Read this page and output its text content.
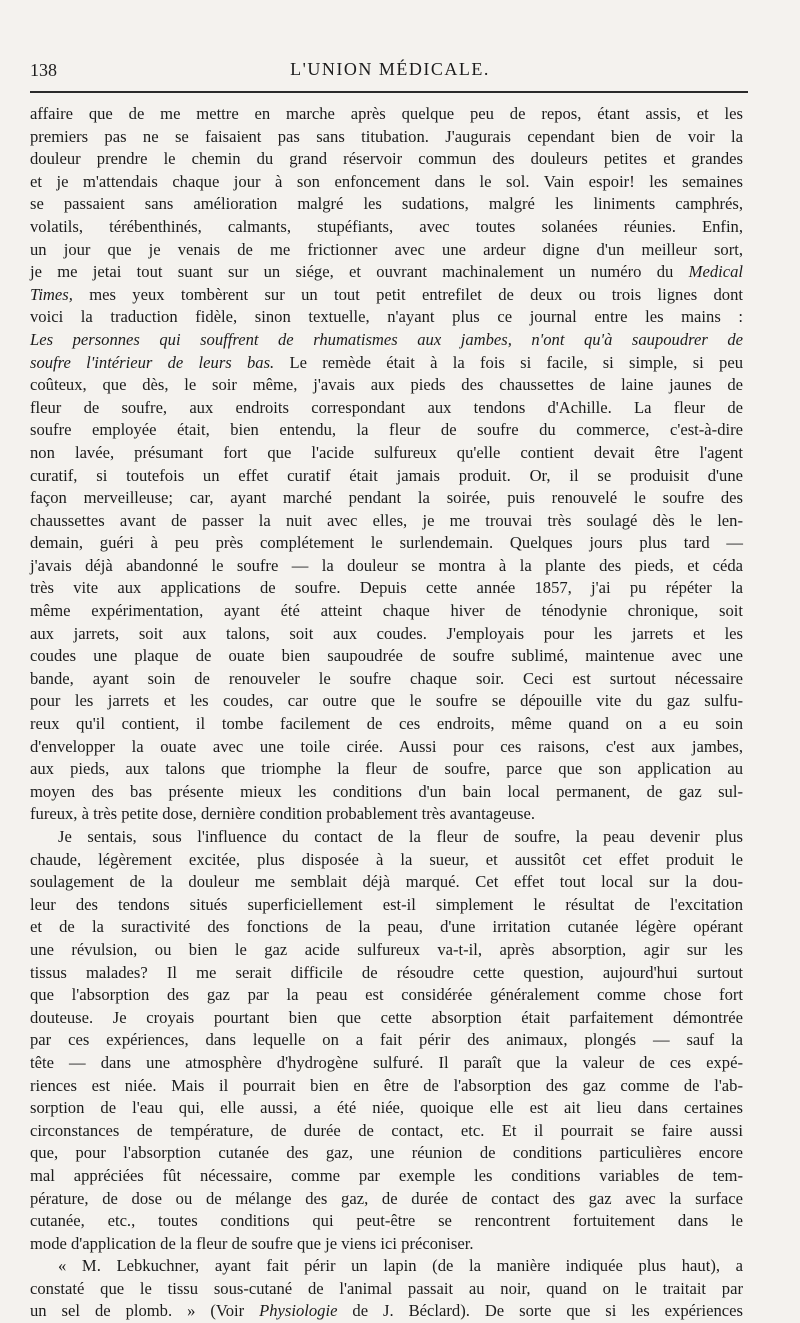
138	L'UNION MÉDICALE.
affaire que de me mettre en marche après quelque peu de repos, étant assis, et les
premiers pas ne se faisaient pas sans titubation. J'augurais cependant bien de voir la
douleur prendre le chemin du grand réservoir commun des douleurs petites et grandes
et je m'attendais chaque jour à son enfoncement dans le sol. Vain espoir! les semaines
se passaient sans amélioration malgré les sudations, malgré les liniments camphrés,
volatils, térébenthinés, calmants, stupéfiants, avec toutes solanées réunies. Enfin,
un jour que je venais de me frictionner avec une ardeur digne d'un meilleur sort,
je me jetai tout suant sur un siége, et ouvrant machinalement un numéro du Medical
Times, mes yeux tombèrent sur un tout petit entrefilet de deux ou trois lignes dont
voici la traduction fidèle, sinon textuelle, n'ayant plus ce journal entre les mains :
Les personnes qui souffrent de rhumatismes aux jambes, n'ont qu'à saupoudrer de
soufre l'intérieur de leurs bas. Le remède était à la fois si facile, si simple, si peu
coûteux, que dès, le soir même, j'avais aux pieds des chaussettes de laine jaunes de
fleur de soufre, aux endroits correspondant aux tendons d'Achille. La fleur de
soufre employée était, bien entendu, la fleur de soufre du commerce, c'est-à-dire
non lavée, présumant fort que l'acide sulfureux qu'elle contient devait être l'agent
curatif, si toutefois un effet curatif était jamais produit. Or, il se produisit d'une
façon merveilleuse; car, ayant marché pendant la soirée, puis renouvelé le soufre des
chaussettes avant de passer la nuit avec elles, je me trouvai très soulagé dès le len-
demain, guéri à peu près complétement le surlendemain. Quelques jours plus tard —
j'avais déjà abandonné le soufre — la douleur se montra à la plante des pieds, et céda
très vite aux applications de soufre. Depuis cette année 1857, j'ai pu répéter la
même expérimentation, ayant été atteint chaque hiver de ténodynie chronique, soit
aux jarrets, soit aux talons, soit aux coudes. J'employais pour les jarrets et les
coudes une plaque de ouate bien saupoudrée de soufre sublimé, maintenue avec une
bande, ayant soin de renouveler le soufre chaque soir. Ceci est surtout nécessaire
pour les jarrets et les coudes, car outre que le soufre se dépouille vite du gaz sulfu-
reux qu'il contient, il tombe facilement de ces endroits, même quand on a eu soin
d'envelopper la ouate avec une toile cirée. Aussi pour ces raisons, c'est aux jambes,
aux pieds, aux talons que triomphe la fleur de soufre, parce que son application au
moyen des bas présente mieux les conditions d'un bain local permanent, de gaz sul-
fureux, à très petite dose, dernière condition probablement très avantageuse.
Je sentais, sous l'influence du contact de la fleur de soufre, la peau devenir plus
chaude, légèrement excitée, plus disposée à la sueur, et aussitôt cet effet produit le
soulagement de la douleur me semblait déjà marqué. Cet effet tout local sur la dou-
leur des tendons situés superficiellement est-il simplement le résultat de l'excitation
et de la suractivité des fonctions de la peau, d'une irritation cutanée légère opérant
une révulsion, ou bien le gaz acide sulfureux va-t-il, après absorption, agir sur les
tissus malades? Il me serait difficile de résoudre cette question, aujourd'hui surtout
que l'absorption des gaz par la peau est considérée généralement comme chose fort
douteuse. Je croyais pourtant bien que cette absorption était parfaitement démontrée
par ces expériences, dans lequelle on a fait périr des animaux, plongés — sauf la
tête — dans une atmosphère d'hydrogène sulfuré. Il paraît que la valeur de ces expé-
riences est niée. Mais il pourrait bien en être de l'absorption des gaz comme de l'ab-
sorption de l'eau qui, elle aussi, a été niée, quoique elle est ait lieu dans certaines
circonstances de température, de durée de contact, etc. Et il pourrait se faire aussi
que, pour l'absorption cutanée des gaz, une réunion de conditions particulières encore
mal appréciées fût nécessaire, comme par exemple les conditions variables de tem-
pérature, de dose ou de mélange des gaz, de durée de contact des gaz avec la surface
cutanée, etc., toutes conditions qui peut-être se rencontrent fortuitement dans le
mode d'application de la fleur de soufre que je viens ici préconiser.
« M. Lebkuchner, ayant fait périr un lapin (de la manière indiquée plus haut), a
constaté que le tissu sous-cutané de l'animal passait au noir, quand on le traitait par
un sel de plomb. » (Voir Physiologie de J. Béclard). De sorte que si les expériences
